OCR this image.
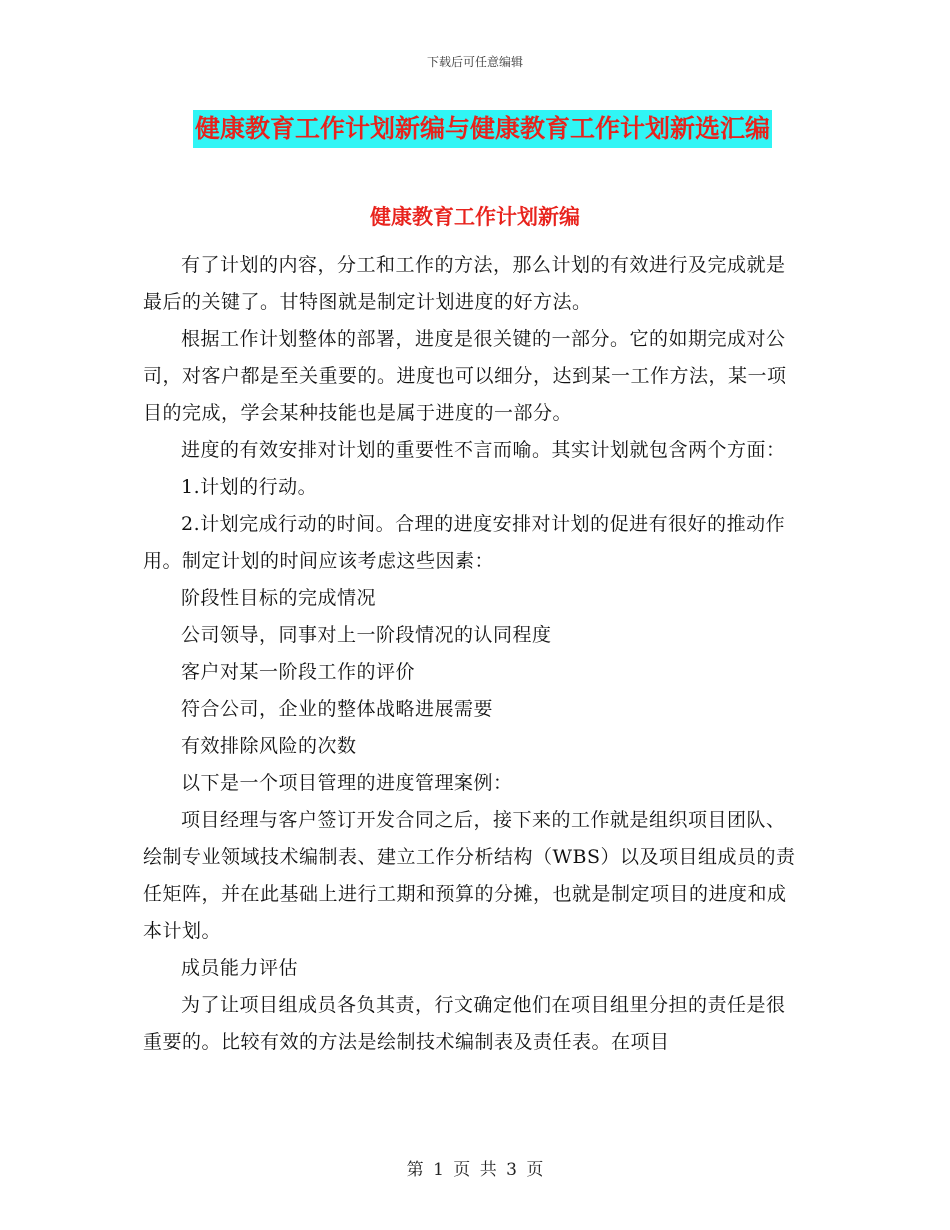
下载后可任意编辑
健康教育工作计划新编与健康教育工作计划新选汇编
健康教育工作计划新编

有了计划的内容，分工和工作的方法，那么计划的有效进行及完成就是最后的关键了。甘特图就是制定计划进度的好方法。

根据工作计划整体的部署，进度是很关键的一部分。它的如期完成对公司，对客户都是至关重要的。进度也可以细分，达到某一工作方法，某一项目的完成，学会某种技能也是属于进度的一部分。

进度的有效安排对计划的重要性不言而喻。其实计划就包含两个方面：

1.计划的行动。

2.计划完成行动的时间。合理的进度安排对计划的促进有很好的推动作用。制定计划的时间应该考虑这些因素：

阶段性目标的完成情况

公司领导，同事对上一阶段情况的认同程度

客户对某一阶段工作的评价

符合公司，企业的整体战略进展需要

有效排除风险的次数

以下是一个项目管理的进度管理案例：

项目经理与客户签订开发合同之后，接下来的工作就是组织项目团队、绘制专业领域技术编制表、建立工作分析结构（WBS）以及项目组成员的责任矩阵，并在此基础上进行工期和预算的分摊，也就是制定项目的进度和成本计划。

成员能力评估

为了让项目组成员各负其责，行文确定他们在项目组里分担的责任是很重要的。比较有效的方法是绘制技术编制表及责任表。在项目

第 1 页 共 3 页
